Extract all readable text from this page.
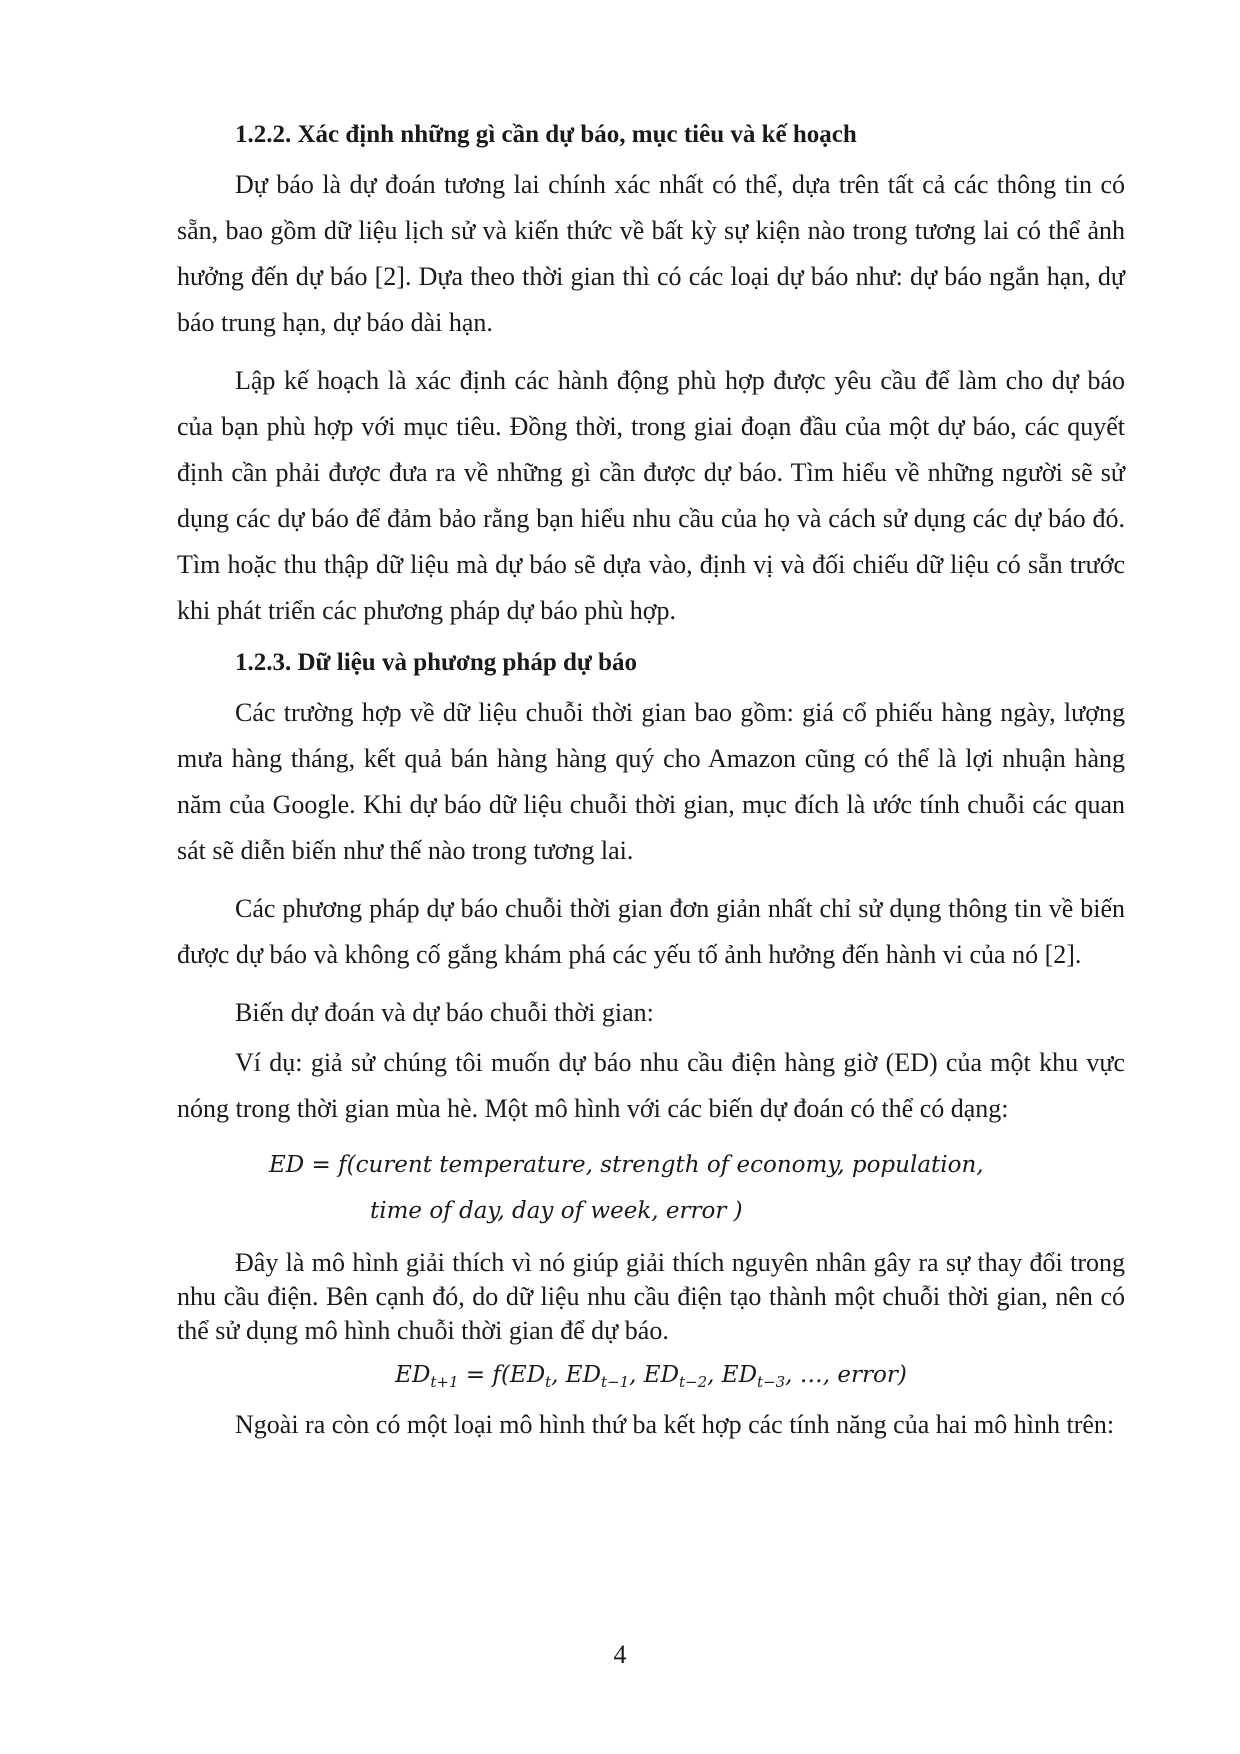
1.2.2. Xác định những gì cần dự báo, mục tiêu và kế hoạch

Dự báo là dự đoán tương lai chính xác nhất có thể, dựa trên tất cả các thông tin có sẵn, bao gồm dữ liệu lịch sử và kiến thức về bất kỳ sự kiện nào trong tương lai có thể ảnh hưởng đến dự báo [2]. Dựa theo thời gian thì có các loại dự báo như: dự báo ngắn hạn, dự báo trung hạn, dự báo dài hạn.

Lập kế hoạch là xác định các hành động phù hợp được yêu cầu để làm cho dự báo của bạn phù hợp với mục tiêu. Đồng thời, trong giai đoạn đầu của một dự báo, các quyết định cần phải được đưa ra về những gì cần được dự báo. Tìm hiểu về những người sẽ sử dụng các dự báo để đảm bảo rằng bạn hiểu nhu cầu của họ và cách sử dụng các dự báo đó. Tìm hoặc thu thập dữ liệu mà dự báo sẽ dựa vào, định vị và đối chiếu dữ liệu có sẵn trước khi phát triển các phương pháp dự báo phù hợp.

1.2.3. Dữ liệu và phương pháp dự báo

Các trường hợp về dữ liệu chuỗi thời gian bao gồm: giá cổ phiếu hàng ngày, lượng mưa hàng tháng, kết quả bán hàng hàng quý cho Amazon cũng có thể là lợi nhuận hàng năm của Google. Khi dự báo dữ liệu chuỗi thời gian, mục đích là ước tính chuỗi các quan sát sẽ diễn biến như thế nào trong tương lai.

Các phương pháp dự báo chuỗi thời gian đơn giản nhất chỉ sử dụng thông tin về biến được dự báo và không cố gắng khám phá các yếu tố ảnh hưởng đến hành vi của nó [2].

Biến dự đoán và dự báo chuỗi thời gian:

Ví dụ: giả sử chúng tôi muốn dự báo nhu cầu điện hàng giờ (ED) của một khu vực nóng trong thời gian mùa hè. Một mô hình với các biến dự đoán có thể có dạng:

ED = f(curent temperature, strength of economy, population,
time of day, day of week, error )

Đây là mô hình giải thích vì nó giúp giải thích nguyên nhân gây ra sự thay đổi trong nhu cầu điện. Bên cạnh đó, do dữ liệu nhu cầu điện tạo thành một chuỗi thời gian, nên có thể sử dụng mô hình chuỗi thời gian để dự báo.

$ED_{t+1} = f(ED_t$, $ED_{t-1}$, $ED_{t-2}$, $ED_{t-3}$, …, error)

Ngoài ra còn có một loại mô hình thứ ba kết hợp các tính năng của hai mô hình trên:

4
